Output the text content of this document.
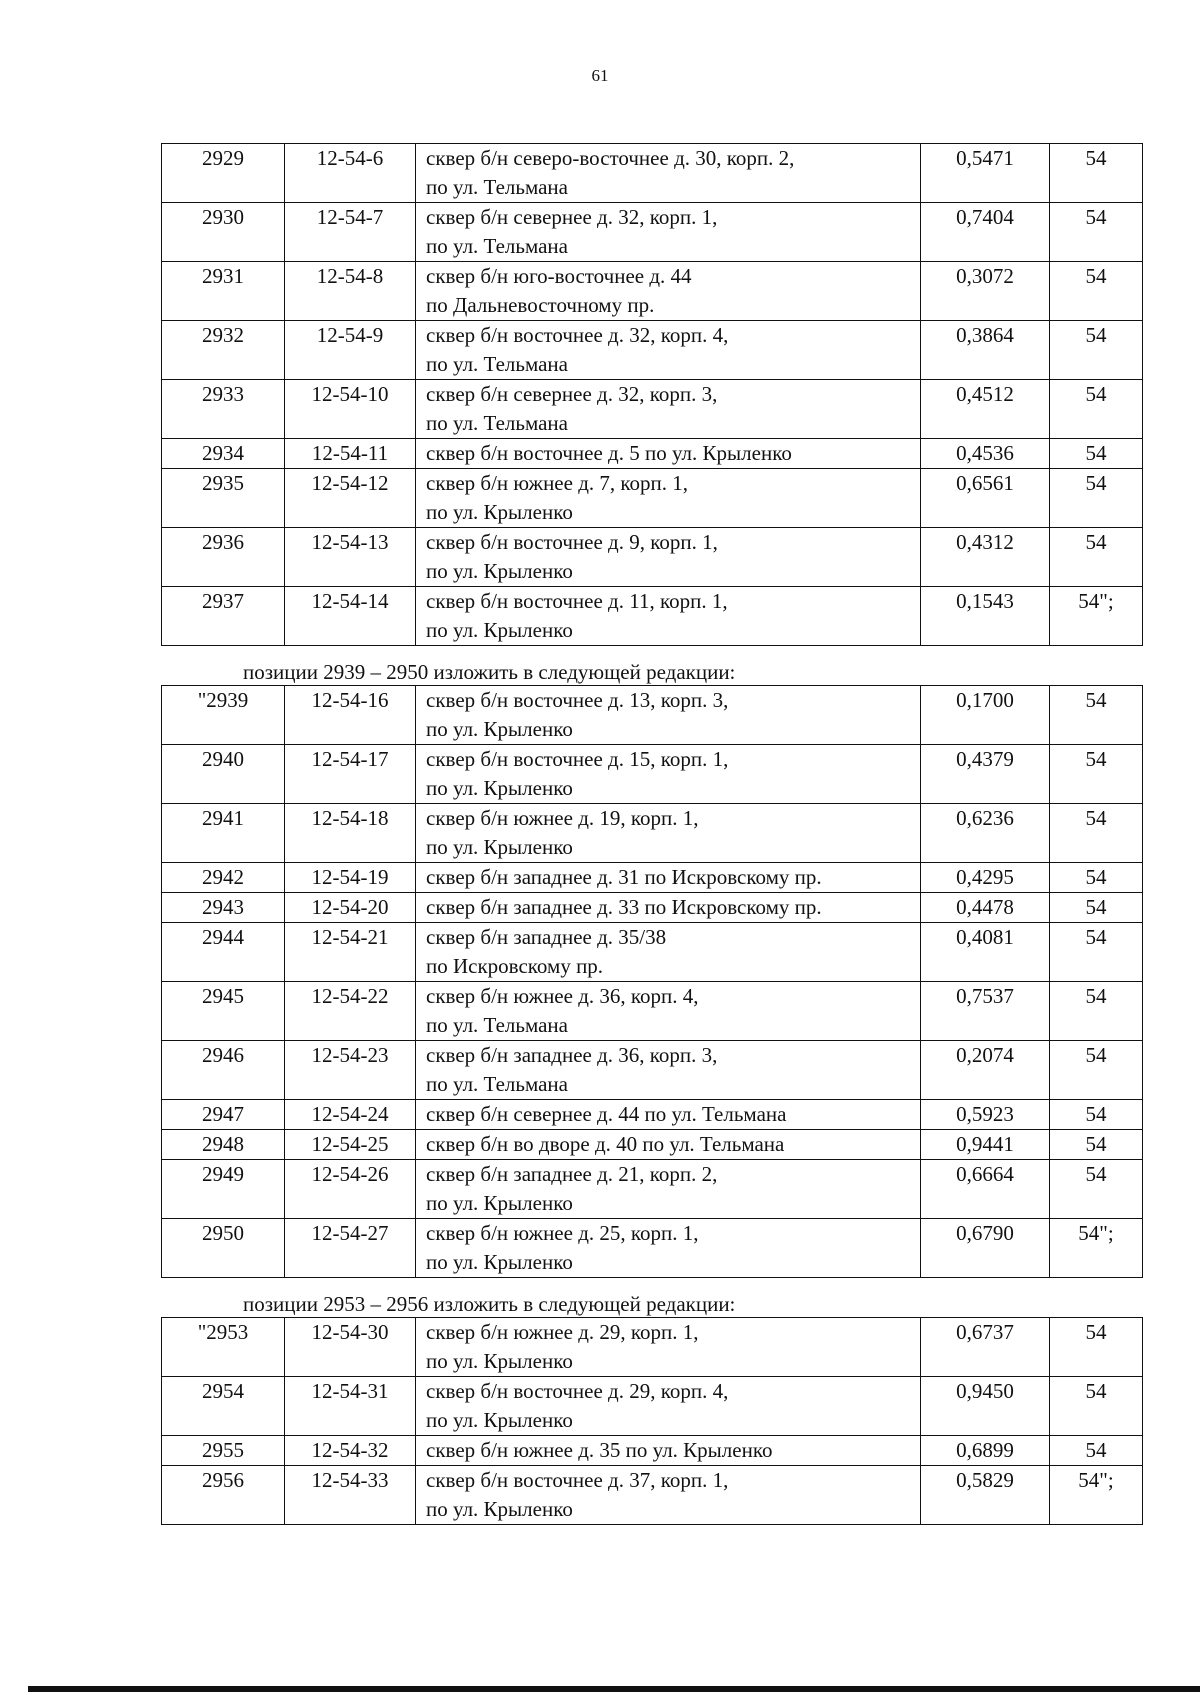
61
2929	12-54-6	сквер б/н северо-восточнее д. 30, корп. 2,
по ул. Тельмана	0,5471	54
2930	12-54-7	сквер б/н севернее д. 32, корп. 1,
по ул. Тельмана	0,7404	54
2931	12-54-8	сквер б/н юго-восточнее д. 44
по Дальневосточному пр.	0,3072	54
2932	12-54-9	сквер б/н восточнее д. 32, корп. 4,
по ул. Тельмана	0,3864	54
2933	12-54-10	сквер б/н севернее д. 32, корп. 3,
по ул. Тельмана	0,4512	54
2934	12-54-11	сквер б/н восточнее д. 5 по ул. Крыленко	0,4536	54
2935	12-54-12	сквер б/н южнее д. 7, корп. 1,
по ул. Крыленко	0,6561	54
2936	12-54-13	сквер б/н восточнее д. 9, корп. 1,
по ул. Крыленко	0,4312	54
2937	12-54-14	сквер б/н восточнее д. 11, корп. 1,
по ул. Крыленко	0,1543	54";
позиции 2939 – 2950 изложить в следующей редакции:
"2939	12-54-16	сквер б/н восточнее д. 13, корп. 3,
по ул. Крыленко	0,1700	54
2940	12-54-17	сквер б/н восточнее д. 15, корп. 1,
по ул. Крыленко	0,4379	54
2941	12-54-18	сквер б/н южнее д. 19, корп. 1,
по ул. Крыленко	0,6236	54
2942	12-54-19	сквер б/н западнее д. 31 по Искровскому пр.	0,4295	54
2943	12-54-20	сквер б/н западнее д. 33 по Искровскому пр.	0,4478	54
2944	12-54-21	сквер б/н западнее д. 35/38
по Искровскому пр.	0,4081	54
2945	12-54-22	сквер б/н южнее д. 36, корп. 4,
по ул. Тельмана	0,7537	54
2946	12-54-23	сквер б/н западнее д. 36, корп. 3,
по ул. Тельмана	0,2074	54
2947	12-54-24	сквер б/н севернее д. 44 по ул. Тельмана	0,5923	54
2948	12-54-25	сквер б/н во дворе д. 40 по ул. Тельмана	0,9441	54
2949	12-54-26	сквер б/н западнее д. 21, корп. 2,
по ул. Крыленко	0,6664	54
2950	12-54-27	сквер б/н южнее д. 25, корп. 1,
по ул. Крыленко	0,6790	54";
позиции 2953 – 2956 изложить в следующей редакции:
"2953	12-54-30	сквер б/н южнее д. 29, корп. 1,
по ул. Крыленко	0,6737	54
2954	12-54-31	сквер б/н восточнее д. 29, корп. 4,
по ул. Крыленко	0,9450	54
2955	12-54-32	сквер б/н южнее д. 35 по ул. Крыленко	0,6899	54
2956	12-54-33	сквер б/н восточнее д. 37, корп. 1,
по ул. Крыленко	0,5829	54";
